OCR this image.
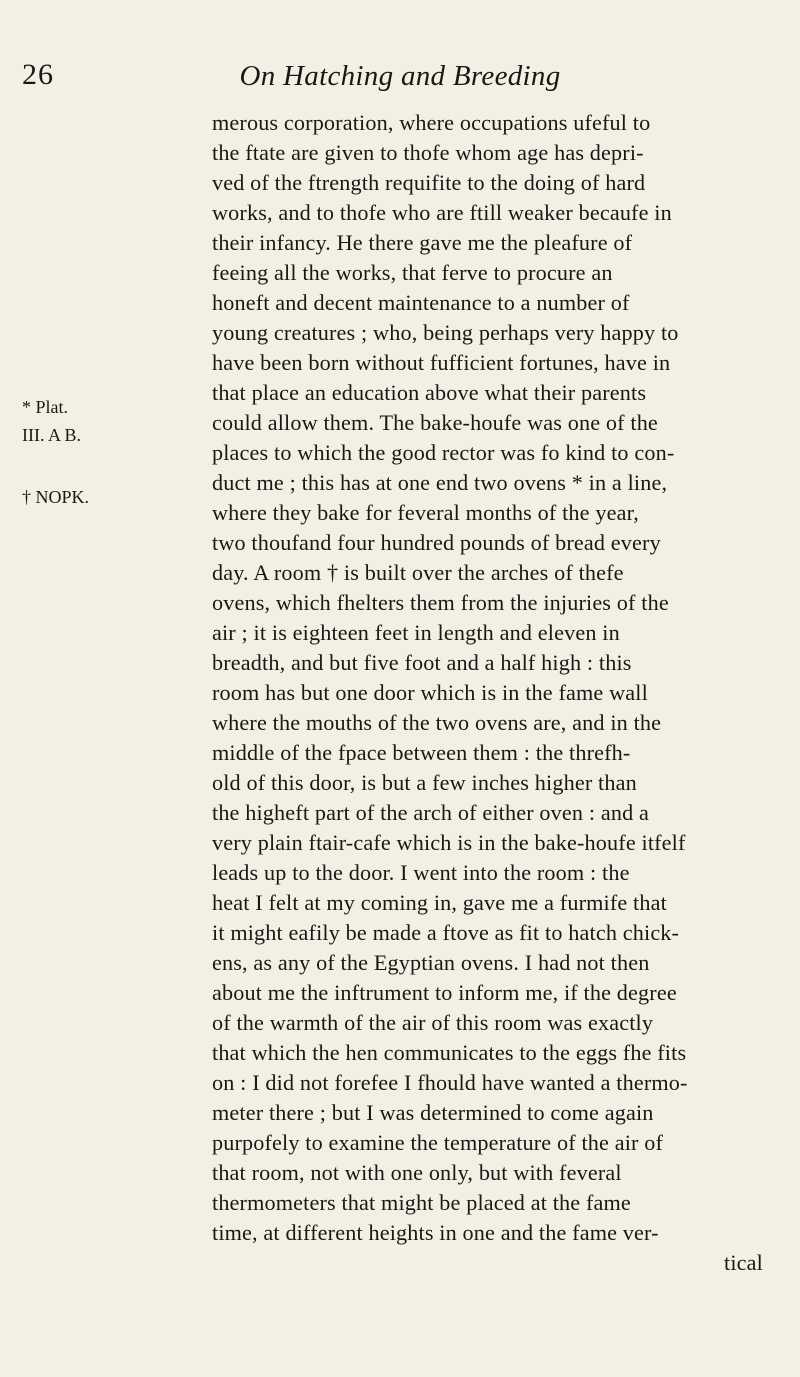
26	On Hatching and Breeding
* Plat.
III. A B.
† NOPK.
merous corporation, where occupations ufeful to
the ftate are given to thofe whom age has depri-
ved of the ftrength requifite to the doing of hard
works, and to thofe who are ftill weaker becaufe in
their infancy. He there gave me the pleafure of
feeing all the works, that ferve to procure an
honeft and decent maintenance to a number of
young creatures ; who, being perhaps very happy to
have been born without fufficient fortunes, have in
that place an education above what their parents
could allow them. The bake-houfe was one of the
places to which the good rector was fo kind to con-
duct me ; this has at one end two ovens * in a line,
where they bake for feveral months of the year,
two thoufand four hundred pounds of bread every
day. A room † is built over the arches of thefe
ovens, which fhelters them from the injuries of the
air ; it is eighteen feet in length and eleven in
breadth, and but five foot and a half high : this
room has but one door which is in the fame wall
where the mouths of the two ovens are, and in the
middle of the fpace between them : the threfh-
old of this door, is but a few inches higher than
the higheft part of the arch of either oven : and a
very plain ftair-cafe which is in the bake-houfe itfelf
leads up to the door. I went into the room : the
heat I felt at my coming in, gave me a furmife that
it might eafily be made a ftove as fit to hatch chick-
ens, as any of the Egyptian ovens. I had not then
about me the inftrument to inform me, if the degree
of the warmth of the air of this room was exactly
that which the hen communicates to the eggs fhe fits
on : I did not forefee I fhould have wanted a thermo-
meter there ; but I was determined to come again
purpofely to examine the temperature of the air of
that room, not with one only, but with feveral
thermometers that might be placed at the fame
time, at different heights in one and the fame ver-
tical
